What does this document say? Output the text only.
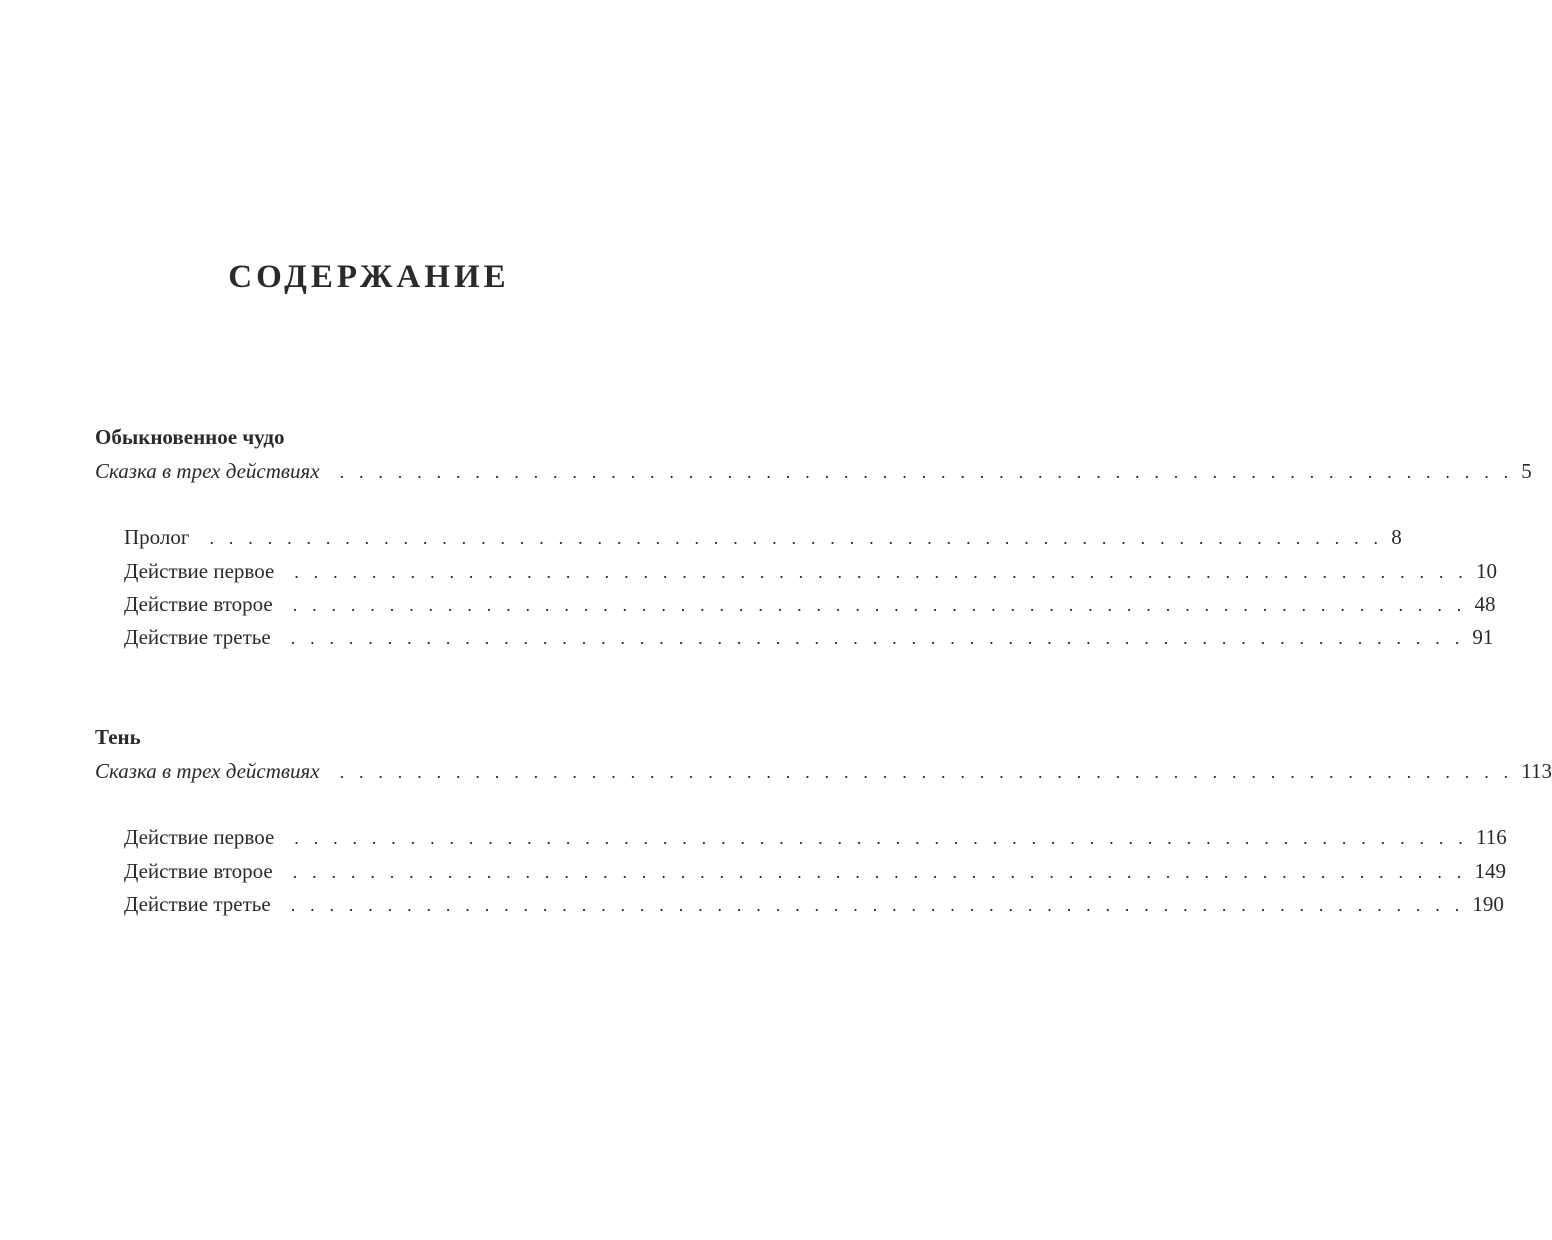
СОДЕРЖАНИЕ
Обыкновенное чудо
Сказка в трех действиях . . . . . . . . . . . . . . . . . . . . . . . . . . . . . . . . . . . . . . . . . . . . . . . . . . . . . . . . . . . . . 5
Пролог . . . . . . . . . . . . . . . . . . . . . . . . . . . . . . . . . . . . . . . . . . . . . . . . . . . . . . . . . . . . . 8
Действие первое . . . . . . . . . . . . . . . . . . . . . . . . . . . . . . . . . . . . . . . . . . . . . . . . . . . . . . . . . . . . . 10
Действие второе . . . . . . . . . . . . . . . . . . . . . . . . . . . . . . . . . . . . . . . . . . . . . . . . . . . . . . . . . . . . . 48
Действие третье . . . . . . . . . . . . . . . . . . . . . . . . . . . . . . . . . . . . . . . . . . . . . . . . . . . . . . . . . . . . . 91
Тень
Сказка в трех действиях . . . . . . . . . . . . . . . . . . . . . . . . . . . . . . . . . . . . . . . . . . . . . . . . . . . . . . . . . . . . . 113
Действие первое . . . . . . . . . . . . . . . . . . . . . . . . . . . . . . . . . . . . . . . . . . . . . . . . . . . . . . . . . . . . . 116
Действие второе . . . . . . . . . . . . . . . . . . . . . . . . . . . . . . . . . . . . . . . . . . . . . . . . . . . . . . . . . . . . . 149
Действие третье . . . . . . . . . . . . . . . . . . . . . . . . . . . . . . . . . . . . . . . . . . . . . . . . . . . . . . . . . . . . . 190
